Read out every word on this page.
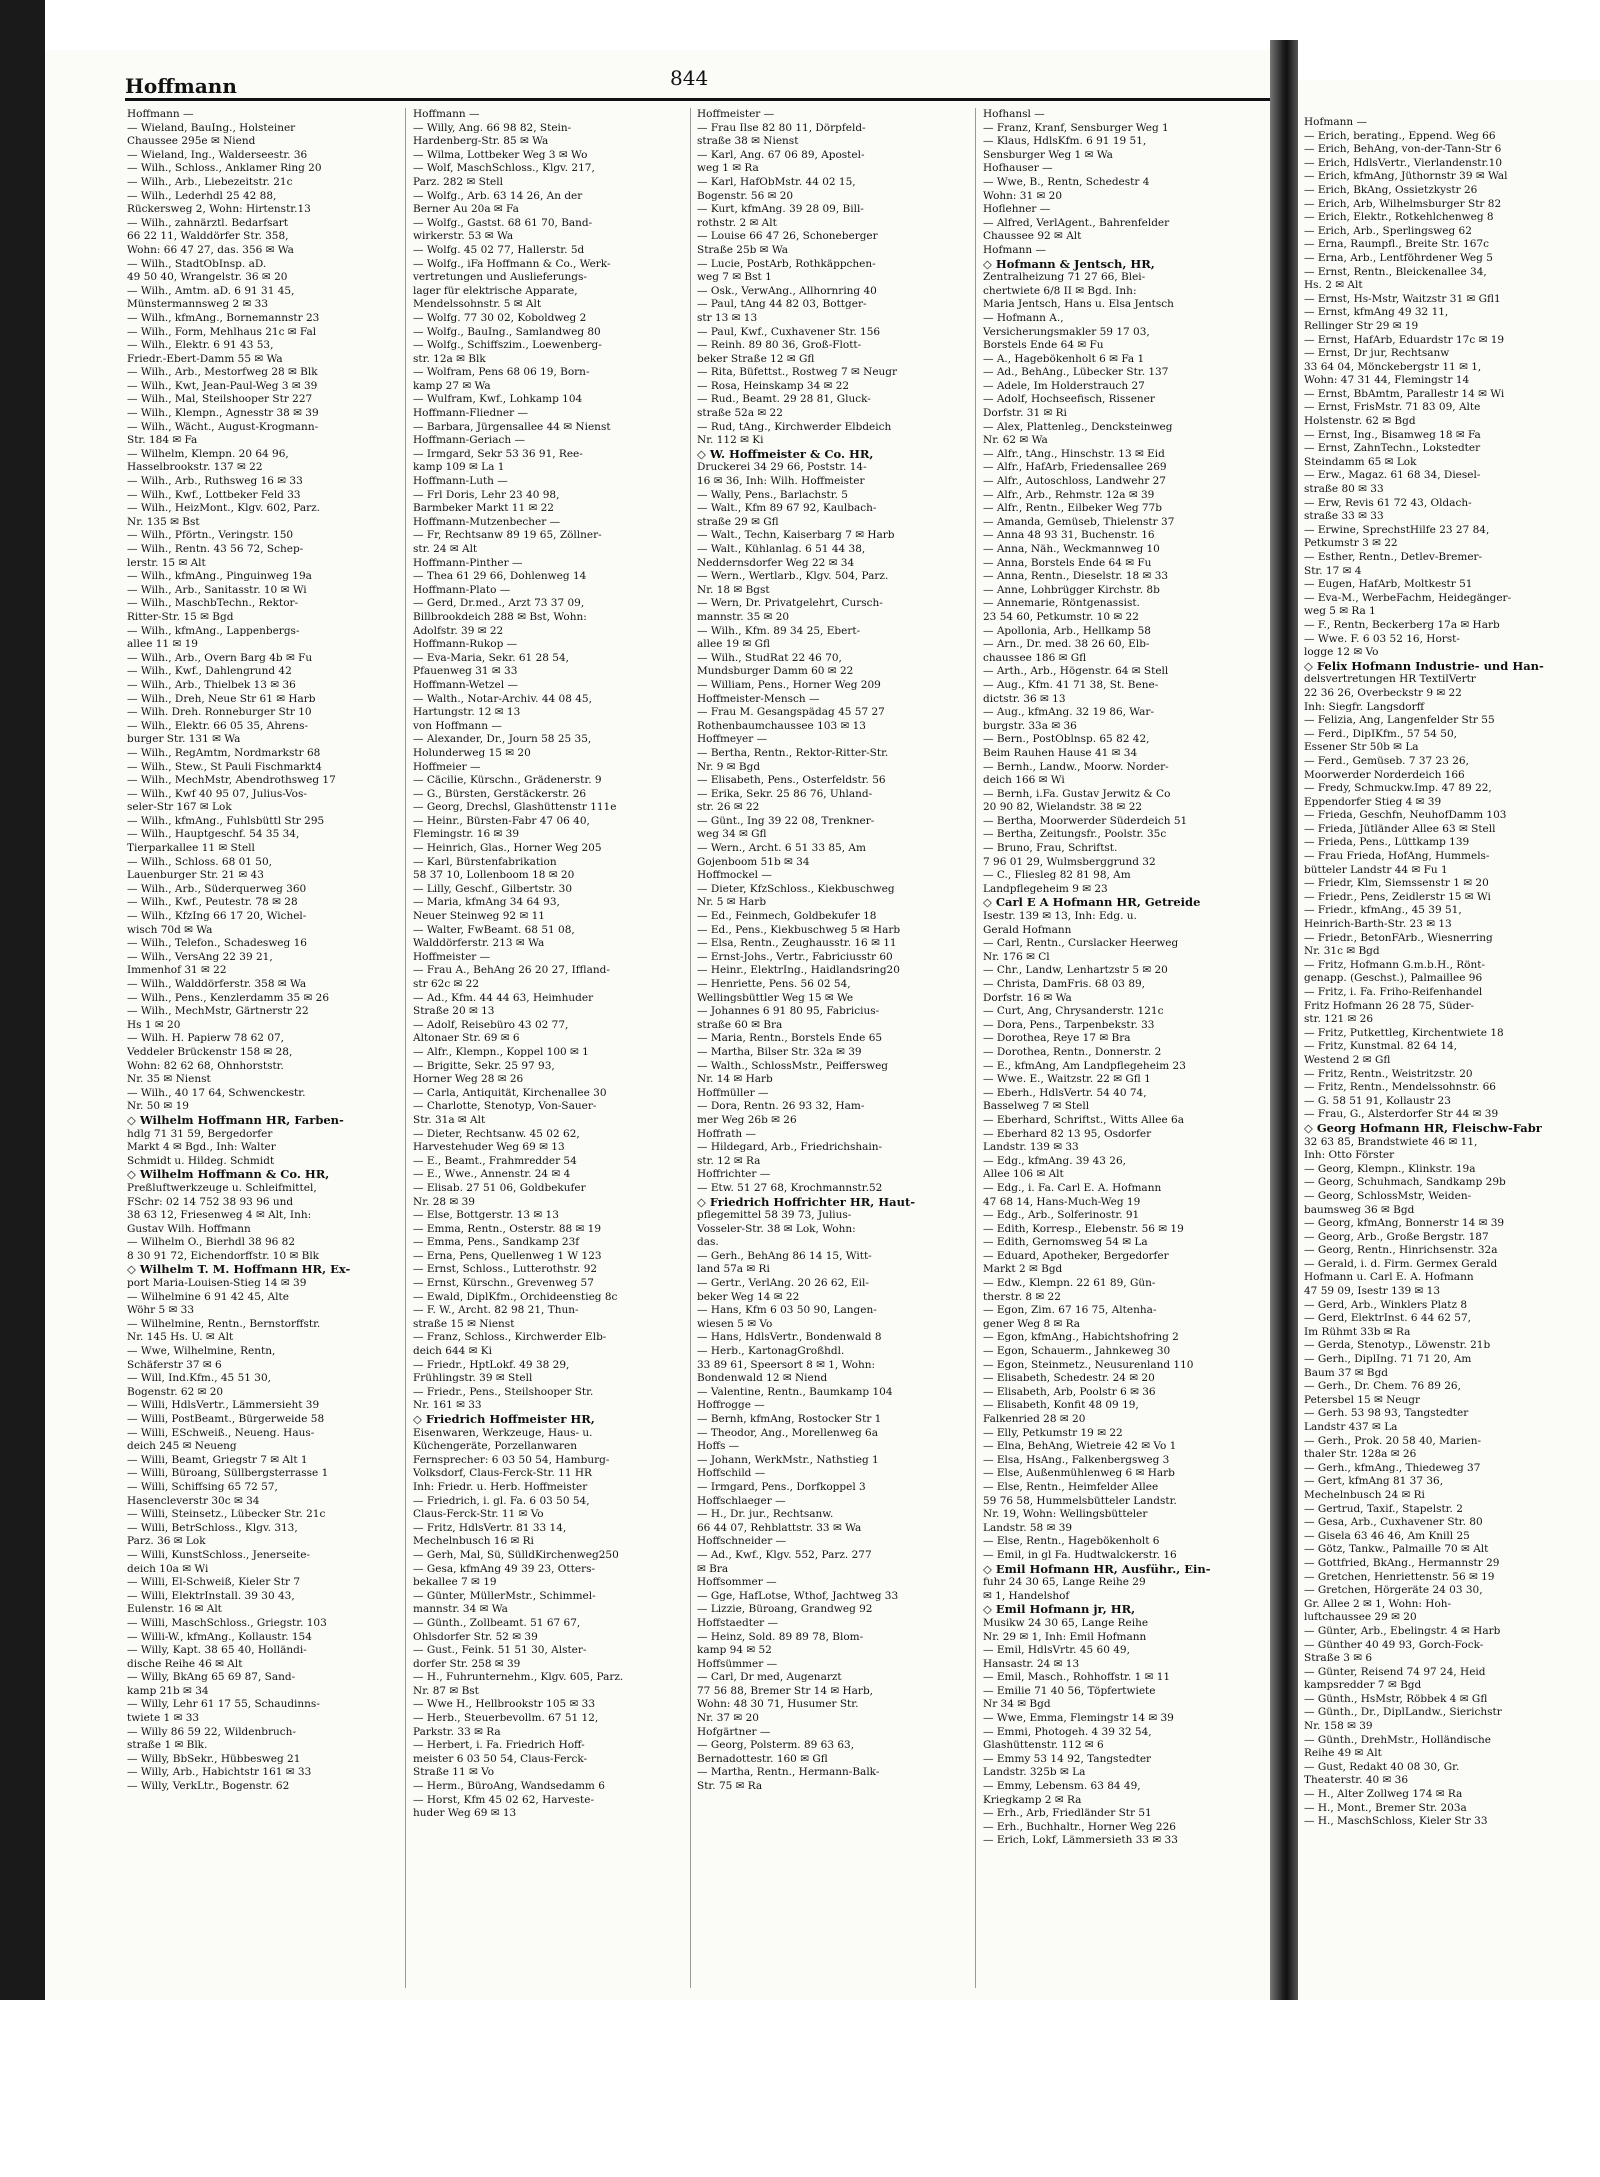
Hoffmann	844
Hoffmann —
— Wieland, BauIng., Holsteiner
Chaussee 295e ✉ Niend
— Wieland, Ing., Walderseestr. 36
— Wilh., Schloss., Anklamer Ring 20
— Wilh., Arb., Liebezeitstr. 21c
— Wilh., Lederhdl 25 42 88,
Rückersweg 2, Wohn: Hirtenstr.13
— Wilh., zahnärztl. Bedarfsart
66 22 11, Walddörfer Str. 358,
Wohn: 66 47 27, das. 356 ✉ Wa
— Wilh., StadtObInsp. aD.
49 50 40, Wrangelstr. 36 ✉ 20
— Wilh., Amtm. aD. 6 91 31 45,
Münstermannsweg 2 ✉ 33
— Wilh., kfmAng., Bornemannstr 23
— Wilh., Form, Mehlhaus 21c ✉ Fal
— Wilh., Elektr. 6 91 43 53,
Friedr.-Ebert-Damm 55 ✉ Wa
— Wilh., Arb., Mestorfweg 28 ✉ Blk
— Wilh., Kwt, Jean-Paul-Weg 3 ✉ 39
— Wilh., Mal, Steilshooper Str 227
— Wilh., Klempn., Agnesstr 38 ✉ 39
— Wilh., Wächt., August-Krogmann-
Str. 184 ✉ Fa
— Wilhelm, Klempn. 20 64 96,
Hasselbrookstr. 137 ✉ 22
— Wilh., Arb., Ruthsweg 16 ✉ 33
— Wilh., Kwf., Lottbeker Feld 33
— Wilh., HeizMont., Klgv. 602, Parz.
Nr. 135 ✉ Bst
— Wilh., Pförtn., Veringstr. 150
— Wilh., Rentn. 43 56 72, Schep-
lerstr. 15 ✉ Alt
— Wilh., kfmAng., Pinguinweg 19a
— Wilh., Arb., Sanitasstr. 10 ✉ Wi
— Wilh., MaschbTechn., Rektor-
Ritter-Str. 15 ✉ Bgd
— Wilh., kfmAng., Lappenbergs-
allee 11 ✉ 19
— Wilh., Arb., Overn Barg 4b ✉ Fu
— Wilh., Kwf., Dahlengrund 42
— Wilh., Arb., Thielbek 13 ✉ 36
— Wilh., Dreh, Neue Str 61 ✉ Harb
— Wilh. Dreh. Ronneburger Str 10
— Wilh., Elektr. 66 05 35, Ahrens-
burger Str. 131 ✉ Wa
— Wilh., RegAmtm, Nordmarkstr 68
— Wilh., Stew., St Pauli Fischmarkt4
— Wilh., MechMstr, Abendrothsweg 17
— Wilh., Kwf 40 95 07, Julius-Vos-
seler-Str 167 ✉ Lok
— Wilh., kfmAng., Fuhlsbüttl Str 295
— Wilh., Hauptgeschf. 54 35 34,
Tierparkallee 11 ✉ Stell
— Wilh., Schloss. 68 01 50,
Lauenburger Str. 21 ✉ 43
— Wilh., Arb., Süderquerweg 360
— Wilh., Kwf., Peutestr. 78 ✉ 28
— Wilh., KfzIng 66 17 20, Wichel-
wisch 70d ✉ Wa
— Wilh., Telefon., Schadesweg 16
— Wilh., VersAng 22 39 21,
Immenhof 31 ✉ 22
— Wilh., Walddörferstr. 358 ✉ Wa
— Wilh., Pens., Kenzlerdamm 35 ✉ 26
— Wilh., MechMstr, Gärtnerstr 22
Hs 1 ✉ 20
— Wilh. H. Papierw 78 62 07,
Veddeler Brückenstr 158 ✉ 28,
Wohn: 82 62 68, Ohnhorststr.
Nr. 35 ✉ Nienst
— Wilh., 40 17 64, Schwenckestr.
Nr. 50 ✉ 19
◇ Wilhelm Hoffmann HR, Farben-
hdlg 71 31 59, Bergedorfer
Markt 4 ✉ Bgd., Inh: Walter
Schmidt u. Hildeg. Schmidt
◇ Wilhelm Hoffmann & Co. HR,
Preßluftwerkzeuge u. Schleifmittel,
FSchr: 02 14 752 38 93 96 und
38 63 12, Friesenweg 4 ✉ Alt, Inh:
Gustav Wilh. Hoffmann
— Wilhelm O., Bierhdl 38 96 82
8 30 91 72, Eichendorffstr. 10 ✉ Blk
◇ Wilhelm T. M. Hoffmann HR, Ex-
port Maria-Louisen-Stieg 14 ✉ 39
— Wilhelmine 6 91 42 45, Alte
Wöhr 5 ✉ 33
— Wilhelmine, Rentn., Bernstorffstr.
Nr. 145 Hs. U. ✉ Alt
— Wwe, Wilhelmine, Rentn,
Schäferstr 37 ✉ 6
— Will, Ind.Kfm., 45 51 30,
Bogenstr. 62 ✉ 20
— Willi, HdlsVertr., Lämmersieht 39
— Willi, PostBeamt., Bürgerweide 58
— Willi, ESchweiß., Neueng. Haus-
deich 245 ✉ Neueng
— Willi, Beamt, Griegstr 7 ✉ Alt 1
— Willi, Büroang, Süllbergsterrasse 1
— Willi, Schiffsing 65 72 57,
Hasencleverstr 30c ✉ 34
— Willi, Steinsetz., Lübecker Str. 21c
— Willi, BetrSchloss., Klgv. 313,
Parz. 36 ✉ Lok
— Willi, KunstSchloss., Jenerseite-
deich 10a ✉ Wi
— Willi, El-Schweiß, Kieler Str 7
— Willi, ElektrInstall. 39 30 43,
Eulenstr. 16 ✉ Alt
— Willi, MaschSchloss., Griegstr. 103
— Willi-W., kfmAng., Kollaustr. 154
— Willy, Kapt. 38 65 40, Holländi-
dische Reihe 46 ✉ Alt
— Willy, BkAng 65 69 87, Sand-
kamp 21b ✉ 34
— Willy, Lehr 61 17 55, Schaudinns-
twiete 1 ✉ 33
— Willy 86 59 22, Wildenbruch-
straße 1 ✉ Blk.
— Willy, BbSekr., Hübbesweg 21
— Willy, Arb., Habichtstr 161 ✉ 33
— Willy, VerkLtr., Bogenstr. 62
Hoffmann —
— Willy, Ang. 66 98 82, Stein-
Hardenberg-Str. 85 ✉ Wa
— Wilma, Lottbeker Weg 3 ✉ Wo
— Wolf, MaschSchloss., Klgv. 217,
Parz. 282 ✉ Stell
— Wolfg., Arb. 63 14 26, An der
Berner Au 20a ✉ Fa
— Wolfg., Gastst. 68 61 70, Band-
wirkerstr. 53 ✉ Wa
— Wolfg. 45 02 77, Hallerstr. 5d
— Wolfg., iFa Hoffmann & Co., Werk-
vertretungen und Auslieferungs-
lager für elektrische Apparate,
Mendelssohnstr. 5 ✉ Alt
— Wolfg. 77 30 02, Koboldweg 2
— Wolfg., BauIng., Samlandweg 80
— Wolfg., Schiffszim., Loewenberg-
str. 12a ✉ Blk
— Wolfram, Pens 68 06 19, Born-
kamp 27 ✉ Wa
— Wulfram, Kwf., Lohkamp 104
Hoffmann-Fliedner —
— Barbara, Jürgensallee 44 ✉ Nienst
Hoffmann-Geriach —
— Irmgard, Sekr 53 36 91, Ree-
kamp 109 ✉ La 1
Hoffmann-Luth —
— Frl Doris, Lehr 23 40 98,
Barmbeker Markt 11 ✉ 22
Hoffmann-Mutzenbecher —
— Fr, Rechtsanw 89 19 65, Zöllner-
str. 24 ✉ Alt
Hoffmann-Pinther —
— Thea 61 29 66, Dohlenweg 14
Hoffmann-Plato —
— Gerd, Dr.med., Arzt 73 37 09,
Billbrookdeich 288 ✉ Bst, Wohn:
Adolfstr. 39 ✉ 22
Hoffmann-Rukop —
— Eva-Maria, Sekr. 61 28 54,
Pfauenweg 31 ✉ 33
Hoffmann-Wetzel —
— Walth., Notar-Archiv. 44 08 45,
Hartungstr. 12 ✉ 13
von Hoffmann —
— Alexander, Dr., Journ 58 25 35,
Holunderweg 15 ✉ 20
Hoffmeier —
— Cäcilie, Kürschn., Grädenerstr. 9
— G., Bürsten, Gerstäckerstr. 26
— Georg, Drechsl, Glashüttenstr 111e
— Heinr., Bürsten-Fabr 47 06 40,
Flemingstr. 16 ✉ 39
— Heinrich, Glas., Horner Weg 205
— Karl, Bürstenfabrikation
58 37 10, Lollenboom 18 ✉ 20
— Lilly, Geschf., Gilbertstr. 30
— Maria, kfmAng 34 64 93,
Neuer Steinweg 92 ✉ 11
— Walter, FwBeamt. 68 51 08,
Walddörferstr. 213 ✉ Wa
Hoffmeister —
— Frau A., BehAng 26 20 27, Iffland-
str 62c ✉ 22
— Ad., Kfm. 44 44 63, Heimhuder
Straße 20 ✉ 13
— Adolf, Reisebüro 43 02 77,
Altonaer Str. 69 ✉ 6
— Alfr., Klempn., Koppel 100 ✉ 1
— Brigitte, Sekr. 25 97 93,
Horner Weg 28 ✉ 26
— Carla, Antiquität, Kirchenallee 30
— Charlotte, Stenotyp, Von-Sauer-
Str. 31a ✉ Alt
— Dieter, Rechtsanw. 45 02 62,
Harvestehuder Weg 69 ✉ 13
— E., Beamt., Frahmredder 54
— E., Wwe., Annenstr. 24 ✉ 4
— Elisab. 27 51 06, Goldbekufer
Nr. 28 ✉ 39
— Else, Bottgerstr. 13 ✉ 13
— Emma, Rentn., Osterstr. 88 ✉ 19
— Emma, Pens., Sandkamp 23f
— Erna, Pens, Quellenweg 1 W 123
— Ernst, Schloss., Lutterothstr. 92
— Ernst, Kürschn., Grevenweg 57
— Ewald, DiplKfm., Orchideenstieg 8c
— F. W., Archt. 82 98 21, Thun-
straße 15 ✉ Nienst
— Franz, Schloss., Kirchwerder Elb-
deich 644 ✉ Ki
— Friedr., HptLokf. 49 38 29,
Frühlingstr. 39 ✉ Stell
— Friedr., Pens., Steilshooper Str.
Nr. 161 ✉ 33
◇ Friedrich Hoffmeister HR,
Eisenwaren, Werkzeuge, Haus- u.
Küchengeräte, Porzellanwaren
Fernsprecher: 6 03 50 54, Hamburg-
Volksdorf, Claus-Ferck-Str. 11 HR
Inh: Friedr. u. Herb. Hoffmeister
— Friedrich, i. gl. Fa. 6 03 50 54,
Claus-Ferck-Str. 11 ✉ Vo
— Fritz, HdlsVertr. 81 33 14,
Mechelnbusch 16 ✉ Ri
— Gerh, Mal, Sü, SülldKirchenweg250
— Gesa, kfmAng 49 39 23, Otters-
bekallee 7 ✉ 19
— Günter, MüllerMstr., Schimmel-
mannstr. 34 ✉ Wa
— Günth., Zollbeamt. 51 67 67,
Ohlsdorfer Str. 52 ✉ 39
— Gust., Feink. 51 51 30, Alster-
dorfer Str. 258 ✉ 39
— H., Fuhrunternehm., Klgv. 605, Parz.
Nr. 87 ✉ Bst
— Wwe H., Hellbrookstr 105 ✉ 33
— Herb., Steuerbevollm. 67 51 12,
Parkstr. 33 ✉ Ra
— Herbert, i. Fa. Friedrich Hoff-
meister 6 03 50 54, Claus-Ferck-
Straße 11 ✉ Vo
— Herm., BüroAng, Wandsedamm 6
— Horst, Kfm 45 02 62, Harveste-
huder Weg 69 ✉ 13
Hoffmeister —
— Frau Ilse 82 80 11, Dörpfeld-
straße 38 ✉ Nienst
— Karl, Ang. 67 06 89, Apostel-
weg 1 ✉ Ra
— Karl, HafObMstr. 44 02 15,
Bogenstr. 56 ✉ 20
— Kurt, kfmAng. 39 28 09, Bill-
rothstr. 2 ✉ Alt
— Louise 66 47 26, Schoneberger
Straße 25b ✉ Wa
— Lucie, PostArb, Rothkäppchen-
weg 7 ✉ Bst 1
— Osk., VerwAng., Allhornring 40
— Paul, tAng 44 82 03, Bottger-
str 13 ✉ 13
— Paul, Kwf., Cuxhavener Str. 156
— Reinh. 89 80 36, Groß-Flott-
beker Straße 12 ✉ Gfl
— Rita, Büfettst., Rostweg 7 ✉ Neugr
— Rosa, Heinskamp 34 ✉ 22
— Rud., Beamt. 29 28 81, Gluck-
straße 52a ✉ 22
— Rud, tAng., Kirchwerder Elbdeich
Nr. 112 ✉ Ki
◇ W. Hoffmeister & Co. HR,
Druckerei 34 29 66, Poststr. 14-
16 ✉ 36, Inh: Wilh. Hoffmeister
— Wally, Pens., Barlachstr. 5
— Walt., Kfm 89 67 92, Kaulbach-
straße 29 ✉ Gfl
— Walt., Techn, Kaiserbarg 7 ✉ Harb
— Walt., Kühlanlag. 6 51 44 38,
Neddernsdorfer Weg 22 ✉ 34
— Wern., Wertlarb., Klgv. 504, Parz.
Nr. 18 ✉ Bgst
— Wern, Dr. Privatgelehrt, Cursch-
mannstr. 35 ✉ 20
— Wilh., Kfm. 89 34 25, Ebert-
allee 19 ✉ Gfl
— Wilh., StudRat 22 46 70,
Mundsburger Damm 60 ✉ 22
— William, Pens., Horner Weg 209
Hoffmeister-Mensch —
— Frau M. Gesangspädag 45 57 27
Rothenbaumchaussee 103 ✉ 13
Hoffmeyer —
— Bertha, Rentn., Rektor-Ritter-Str.
Nr. 9 ✉ Bgd
— Elisabeth, Pens., Osterfeldstr. 56
— Erika, Sekr. 25 86 76, Uhland-
str. 26 ✉ 22
— Günt., Ing 39 22 08, Trenkner-
weg 34 ✉ Gfl
— Wern., Archt. 6 51 33 85, Am
Gojenboom 51b ✉ 34
Hoffmockel —
— Dieter, KfzSchloss., Kiekbuschweg
Nr. 5 ✉ Harb
— Ed., Feinmech, Goldbekufer 18
— Ed., Pens., Kiekbuschweg 5 ✉ Harb
— Elsa, Rentn., Zeughausstr. 16 ✉ 11
— Ernst-Johs., Vertr., Fabriciusstr 60
— Heinr., ElektrIng., Haidlandsring20
— Henriette, Pens. 56 02 54,
Wellingsbüttler Weg 15 ✉ We
— Johannes 6 91 80 95, Fabricius-
straße 60 ✉ Bra
— Maria, Rentn., Borstels Ende 65
— Martha, Bilser Str. 32a ✉ 39
— Walth., SchlossMstr., Peiffersweg
Nr. 14 ✉ Harb
Hoffmüller —
— Dora, Rentn. 26 93 32, Ham-
mer Weg 26b ✉ 26
Hoffrath —
— Hildegard, Arb., Friedrichshain-
str. 12 ✉ Ra
Hoffrichter —
— Etw. 51 27 68, Krochmannstr.52
◇ Friedrich Hoffrichter HR, Haut-
pflegemittel 58 39 73, Julius-
Vosseler-Str. 38 ✉ Lok, Wohn:
das.
— Gerh., BehAng 86 14 15, Witt-
land 57a ✉ Ri
— Gertr., VerlAng. 20 26 62, Eil-
beker Weg 14 ✉ 22
— Hans, Kfm 6 03 50 90, Langen-
wiesen 5 ✉ Vo
— Hans, HdlsVertr., Bondenwald 8
— Herb., KartonagGroßhdl.
33 89 61, Speersort 8 ✉ 1, Wohn:
Bondenwald 12 ✉ Niend
— Valentine, Rentn., Baumkamp 104
Hoffrogge —
— Bernh, kfmAng, Rostocker Str 1
— Theodor, Ang., Morellenweg 6a
Hoffs —
— Johann, WerkMstr., Nathstieg 1
Hoffschild —
— Irmgard, Pens., Dorfkoppel 3
Hoffschlaeger —
— H., Dr. jur., Rechtsanw.
66 44 07, Rehblattstr. 33 ✉ Wa
Hoffschneider —
— Ad., Kwf., Klgv. 552, Parz. 277
✉ Bra
Hoffsommer —
— Gge, HafLotse, Wthof, Jachtweg 33
— Lizzie, Büroang, Grandweg 92
Hoffstaedter —
— Heinz, Sold. 89 89 78, Blom-
kamp 94 ✉ 52
Hoffsümmer —
— Carl, Dr med, Augenarzt
77 56 88, Bremer Str 14 ✉ Harb,
Wohn: 48 30 71, Husumer Str.
Nr. 37 ✉ 20
Hofgärtner —
— Georg, Polsterm. 89 63 63,
Bernadottestr. 160 ✉ Gfl
— Martha, Rentn., Hermann-Balk-
Str. 75 ✉ Ra
Hofhansl —
— Franz, Kranf, Sensburger Weg 1
— Klaus, HdlsKfm. 6 91 19 51,
Sensburger Weg 1 ✉ Wa
Hofhauser —
— Wwe, B., Rentn, Schedestr 4
Wohn: 31 ✉ 20
Hoflehner —
— Alfred, VerlAgent., Bahrenfelder
Chaussee 92 ✉ Alt
Hofmann —
◇ Hofmann & Jentsch, HR,
Zentralheizung 71 27 66, Blei-
chertwiete 6/8 II ✉ Bgd. Inh:
Maria Jentsch, Hans u. Elsa Jentsch
— Hofmann A.,
Versicherungsmakler 59 17 03,
Borstels Ende 64 ✉ Fu
— A., Hagebökenholt 6 ✉ Fa 1
— Ad., BehAng., Lübecker Str. 137
— Adele, Im Holderstrauch 27
— Adolf, Hochseefisch, Rissener
Dorfstr. 31 ✉ Ri
— Alex, Plattenleg., Dencksteinweg
Nr. 62 ✉ Wa
— Alfr., tAng., Hinschstr. 13 ✉ Eid
— Alfr., HafArb, Friedensallee 269
— Alfr., Autoschloss, Landwehr 27
— Alfr., Arb., Rehmstr. 12a ✉ 39
— Alfr., Rentn., Eilbeker Weg 77b
— Amanda, Gemüseb, Thielenstr 37
— Anna 48 93 31, Buchenstr. 16
— Anna, Näh., Weckmannweg 10
— Anna, Borstels Ende 64 ✉ Fu
— Anna, Rentn., Dieselstr. 18 ✉ 33
— Anne, Lohbrügger Kirchstr. 8b
— Annemarie, Röntgenassist.
23 54 60, Petkumstr. 10 ✉ 22
— Apollonia, Arb., Hellkamp 58
— Arn., Dr. med. 38 26 60, Elb-
chaussee 186 ✉ Gfl
— Arth., Arb., Högenstr. 64 ✉ Stell
— Aug., Kfm. 41 71 38, St. Bene-
dictstr. 36 ✉ 13
— Aug., kfmAng. 32 19 86, War-
burgstr. 33a ✉ 36
— Bern., PostOblnsp. 65 82 42,
Beim Rauhen Hause 41 ✉ 34
— Bernh., Landw., Moorw. Norder-
deich 166 ✉ Wi
— Bernh, i.Fa. Gustav Jerwitz & Co
20 90 82, Wielandstr. 38 ✉ 22
— Bertha, Moorwerder Süderdeich 51
— Bertha, Zeitungsfr., Poolstr. 35c
— Bruno, Frau, Schriftst.
7 96 01 29, Wulmsberggrund 32
— C., Fliesleg 82 81 98, Am
Landpflegeheim 9 ✉ 23
◇ Carl E A Hofmann HR, Getreide
Isestr. 139 ✉ 13, Inh: Edg. u.
Gerald Hofmann
— Carl, Rentn., Curslacker Heerweg
Nr. 176 ✉ Cl
— Chr., Landw, Lenhartzstr 5 ✉ 20
— Christa, DamFris. 68 03 89,
Dorfstr. 16 ✉ Wa
— Curt, Ang, Chrysanderstr. 121c
— Dora, Pens., Tarpenbekstr. 33
— Dorothea, Reye 17 ✉ Bra
— Dorothea, Rentn., Donnerstr. 2
— E., kfmAng, Am Landpflegeheim 23
— Wwe. E., Waitzstr. 22 ✉ Gfl 1
— Eberh., HdlsVertr. 54 40 74,
Basselweg 7 ✉ Stell
— Eberhard, Schriftst., Witts Allee 6a
— Eberhard 82 13 95, Osdorfer
Landstr. 139 ✉ 33
— Edg., kfmAng. 39 43 26,
Allee 106 ✉ Alt
— Edg., i. Fa. Carl E. A. Hofmann
47 68 14, Hans-Much-Weg 19
— Edg., Arb., Solferinostr. 91
— Edith, Korresp., Elebenstr. 56 ✉ 19
— Edith, Gernomsweg 54 ✉ La
— Eduard, Apotheker, Bergedorfer
Markt 2 ✉ Bgd
— Edw., Klempn. 22 61 89, Gün-
therstr. 8 ✉ 22
— Egon, Zim. 67 16 75, Altenha-
gener Weg 8 ✉ Ra
— Egon, kfmAng., Habichtshofring 2
— Egon, Schauerm., Jahnkeweg 30
— Egon, Steinmetz., Neusurenland 110
— Elisabeth, Schedestr. 24 ✉ 20
— Elisabeth, Arb, Poolstr 6 ✉ 36
— Elisabeth, Konfit 48 09 19,
Falkenried 28 ✉ 20
— Elly, Petkumstr 19 ✉ 22
— Elna, BehAng, Wietreie 42 ✉ Vo 1
— Elsa, HsAng., Falkenbergsweg 3
— Else, Außenmühlenweg 6 ✉ Harb
— Else, Rentn., Heimfelder Allee
59 76 58, Hummelsbütteler Landstr.
Nr. 19, Wohn: Wellingsbütteler
Landstr. 58 ✉ 39
— Else, Rentn., Hagebökenholt 6
— Emil, in gl Fa. Hudtwalckerstr. 16
◇ Emil Hofmann HR, Ausführ., Ein-
fuhr 24 30 65, Lange Reihe 29
✉ 1, Handelshof
◇ Emil Hofmann jr, HR,
Musikw 24 30 65, Lange Reihe
Nr. 29 ✉ 1, Inh: Emil Hofmann
— Emil, HdlsVrtr. 45 60 49,
Hansastr. 24 ✉ 13
— Emil, Masch., Rohhoffstr. 1 ✉ 11
— Emilie 71 40 56, Töpfertwiete
Nr 34 ✉ Bgd
— Wwe, Emma, Flemingstr 14 ✉ 39
— Emmi, Photogeh. 4 39 32 54,
Glashüttenstr. 112 ✉ 6
— Emmy 53 14 92, Tangstedter
Landstr. 325b ✉ La
— Emmy, Lebensm. 63 84 49,
Kriegkamp 2 ✉ Ra
— Erh., Arb, Friedländer Str 51
— Erh., Buchhaltr., Horner Weg 226
— Erich, Lokf, Lämmersieth 33 ✉ 33
Hofmann —
— Erich, berating., Eppend. Weg 66
— Erich, BehAng, von-der-Tann-Str 6
— Erich, HdlsVertr., Vierlandenstr.10
— Erich, kfmAng, Jüthornstr 39 ✉ Wal
— Erich, BkAng, Ossietzkystr 26
— Erich, Arb, Wilhelmsburger Str 82
— Erich, Elektr., Rotkehlchenweg 8
— Erich, Arb., Sperlingsweg 62
— Erna, Raumpfl., Breite Str. 167c
— Erna, Arb., Lentföhrdener Weg 5
— Ernst, Rentn., Bleickenallee 34,
Hs. 2 ✉ Alt
— Ernst, Hs-Mstr, Waitzstr 31 ✉ Gfl1
— Ernst, kfmAng 49 32 11,
Rellinger Str 29 ✉ 19
— Ernst, HafArb, Eduardstr 17c ✉ 19
— Ernst, Dr jur, Rechtsanw
33 64 04, Mönckebergstr 11 ✉ 1,
Wohn: 47 31 44, Flemingstr 14
— Ernst, BbAmtm, Parallestr 14 ✉ Wi
— Ernst, FrisMstr. 71 83 09, Alte
Holstenstr. 62 ✉ Bgd
— Ernst, Ing., Bisamweg 18 ✉ Fa
— Ernst, ZahnTechn., Lokstedter
Steindamm 65 ✉ Lok
— Erw., Magaz. 61 68 34, Diesel-
straße 80 ✉ 33
— Erw, Revis 61 72 43, Oldach-
straße 33 ✉ 33
— Erwine, SprechstHilfe 23 27 84,
Petkumstr 3 ✉ 22
— Esther, Rentn., Detlev-Bremer-
Str. 17 ✉ 4
— Eugen, HafArb, Moltkestr 51
— Eva-M., WerbeFachm, Heidegänger-
weg 5 ✉ Ra 1
— F., Rentn, Beckerberg 17a ✉ Harb
— Wwe. F. 6 03 52 16, Horst-
logge 12 ✉ Vo
◇ Felix Hofmann Industrie- und Han-
delsvertretungen HR TextilVertr
22 36 26, Overbeckstr 9 ✉ 22
Inh: Siegfr. Langsdorff
— Felizia, Ang, Langenfelder Str 55
— Ferd., DipIKfm., 57 54 50,
Essener Str 50b ✉ La
— Ferd., Gemüseb. 7 37 23 26,
Moorwerder Norderdeich 166
— Fredy, Schmuckw.Imp. 47 89 22,
Eppendorfer Stieg 4 ✉ 39
— Frieda, Geschfn, NeuhofDamm 103
— Frieda, Jütländer Allee 63 ✉ Stell
— Frieda, Pens., Lüttkamp 139
— Frau Frieda, HofAng, Hummels-
bütteler Landstr 44 ✉ Fu 1
— Friedr, Klm, Siemssenstr 1 ✉ 20
— Friedr., Pens, Zeidlerstr 15 ✉ Wi
— Friedr., kfmAng., 45 39 51,
Heinrich-Barth-Str. 23 ✉ 13
— Friedr., BetonFArb., Wiesnerring
Nr. 31c ✉ Bgd
— Fritz, Hofmann G.m.b.H., Rönt-
genapp. (Geschst.), Palmaillee 96
— Fritz, i. Fa. Friho-Reifenhandel
Fritz Hofmann 26 28 75, Süder-
str. 121 ✉ 26
— Fritz, Putkettleg, Kirchentwiete 18
— Fritz, Kunstmal. 82 64 14,
Westend 2 ✉ Gfl
— Fritz, Rentn., Weistritzstr. 20
— Fritz, Rentn., Mendelssohnstr. 66
— G. 58 51 91, Kollaustr 23
— Frau, G., Alsterdorfer Str 44 ✉ 39
◇ Georg Hofmann HR, Fleischw-Fabr
32 63 85, Brandstwiete 46 ✉ 11,
Inh: Otto Förster
— Georg, Klempn., Klinkstr. 19a
— Georg, Schuhmach, Sandkamp 29b
— Georg, SchlossMstr, Weiden-
baumsweg 36 ✉ Bgd
— Georg, kfmAng, Bonnerstr 14 ✉ 39
— Georg, Arb., Große Bergstr. 187
— Georg, Rentn., Hinrichsenstr. 32a
— Gerald, i. d. Firm. Germex Gerald
Hofmann u. Carl E. A. Hofmann
47 59 09, Isestr 139 ✉ 13
— Gerd, Arb., Winklers Platz 8
— Gerd, ElektrInst. 6 44 62 57,
Im Rühmt 33b ✉ Ra
— Gerda, Stenotyp., Löwenstr. 21b
— Gerh., DiplIng. 71 71 20, Am
Baum 37 ✉ Bgd
— Gerh., Dr. Chem. 76 89 26,
Petersbel 15 ✉ Neugr
— Gerh. 53 98 93, Tangstedter
Landstr 437 ✉ La
— Gerh., Prok. 20 58 40, Marien-
thaler Str. 128a ✉ 26
— Gerh., kfmAng., Thiedeweg 37
— Gert, kfmAng 81 37 36,
Mechelnbusch 24 ✉ Ri
— Gertrud, Taxif., Stapelstr. 2
— Gesa, Arb., Cuxhavener Str. 80
— Gisela 63 46 46, Am Knill 25
— Götz, Tankw., Palmaille 70 ✉ Alt
— Gottfried, BkAng., Hermannstr 29
— Gretchen, Henriettenstr. 56 ✉ 19
— Gretchen, Hörgeräte 24 03 30,
Gr. Allee 2 ✉ 1, Wohn: Hoh-
luftchaussee 29 ✉ 20
— Günter, Arb., Ebelingstr. 4 ✉ Harb
— Günther 40 49 93, Gorch-Fock-
Straße 3 ✉ 6
— Günter, Reisend 74 97 24, Heid
kampsredder 7 ✉ Bgd
— Günth., HsMstr, Röbbek 4 ✉ Gfl
— Günth., Dr., DiplLandw., Sierichstr
Nr. 158 ✉ 39
— Günth., DrehMstr., Holländische
Reihe 49 ✉ Alt
— Gust, Redakt 40 08 30, Gr.
Theaterstr. 40 ✉ 36
— H., Alter Zollweg 174 ✉ Ra
— H., Mont., Bremer Str. 203a
— H., MaschSchloss, Kieler Str 33
